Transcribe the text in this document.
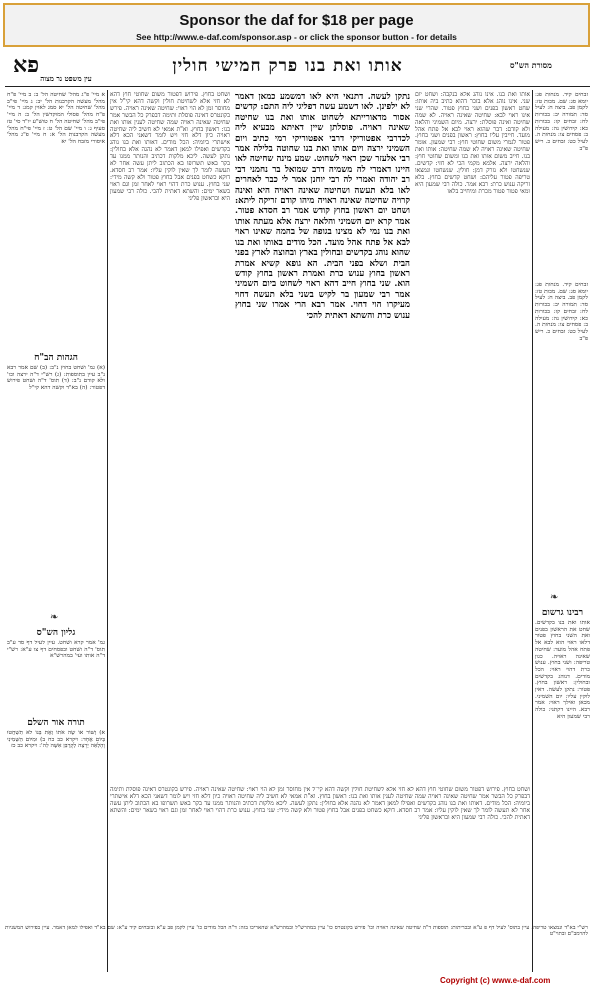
Sponsor the daf for $18 per page
See http://www.e-daf.com/sponsor.asp - or click the sponsor button - for details
מסורת הש"ס
אותו ואת בנו פרק חמישי חולין
פא
עין משפט נר מצוה
זבחים קיד. מנחות פג: יומא סג: שם. מכות טז: לקמן פב. ביצה ח: לעיל סד: תמורה יב: בכורות לח: זבחים קז: בכורות כא: קידושין נה: מעילה ב: פסחים צו: מנחות ה. לעיל כט: זבחים כ. ריש פ"ב
זבחים קיד. מנחות פג: יומא סג: שם. מכות טז: לקמן פב. ביצה ח: לעיל סד: תמורה יב: בכורות לח: זבחים קז: בכורות כא: קידושין נה: מעילה ב: פסחים צו: מנחות ה. לעיל כט: זבחים כ. ריש פ"ב
❧
רבינו גרשום
אותו ואת בנו בקדשים. שחט את הראשון בפנים ואת השני בחוץ פטור דלאו ראוי הוא לבא אל פתח אהל מועד: שחיטה שאינה ראויה. כגון טריפה: ושני בחוץ. ענוש כרת דהוי ראוי: הכל מודים. דנוהג בקדשים ובחולין: ראשון בחוץ. פטור: נתקן לעשה. דאין לוקין עליו: יום השמיני. מכאן ואילך ראוי: אמר רבא. היינו דקתני: כולה רבי שמעון היא
אותו ואת בנו. אינו נוהג אלא בנקבה: ושחט יום שני. אינו נוהג אלא בזכר דהוא כתיב ביה אותו: שחט ראשון בפנים ושני בחוץ פטור. שהרי שני אינו ראוי לבא: שחיטה שאינה ראויה. לא שמה שחיטה ואינה פוסלת: ירצה. מיום השמיני והלאה ולא קודם: דבר שהוא ראוי לבא אל פתח אהל מועד. חייבין עליו בחוץ: ראשון בפנים ושני בחוץ. פטור לגמרי משום שחוטי חוץ: רבי שמעון. אומר שחיטה שאינה ראויה לא שמה שחיטה: אותו ואת בנו. חייב משום אותו ואת בנו ומשום שחוטי חוץ: והלאה ירצה. אלמא מקמי הכי לא חזי: קדשים. שנשחטו ולא נזרק דמן: חולין. שנשחטו ונמצאו טריפה פטור עליהם: ושחט קדשים בחוץ. בלא זריקה ענוש כרת: רבא אמר. כולה רבי שמעון היא ומאי פטור פטור מכרת ומיחייב בלאו
נתקן לעשה. דתנאי היא לאו דמשמע כמאן דאמר לא ילפינן. לאו דשמע עשה דפליגי ליה התם: קדשים אסור מדאורייתא לשחוט אותו ואת בנו שחיטה שאינה ראויה. פוסלתן שיין דאיתא מבעיא ליה לכדרבי אפטוריקי דרבי אפטוריקי רמי כתיב ויום השמיני ירצה ויום אותו ואת בנו שחוטה בלילה אמר רבי אלעזר שכן ראוי לשחוט. שמע מינה שחיטה לאו היינו דאמרי לה משמיה דרב שמואל בר נחמני דבי רב יהודה ואמרי לה רבי יוחנן אמר לי כבר לאחרים לאו בלא תעשה ושחיטה שאינה ראויה היא ואינה קרויה שחיטה שאינה ראויה מיהו קודם זריקה ליתא: ושחט יום ראשון בחוץ קודש אמר רב חסדא פטור. אמר קרא יום השמיני והלאה ירצה אלא מעתה אותו ואת בנו נמי לא מצינו בגופה של בהמה שאינו ראוי לבא אל פתח אהל מועד. הכל מודים באותו ואת בנו שהוא נוהג בקדשים ובחולין בארץ ובחוצה לארץ בפני הבית ושלא בפני הבית. הא גופא קשיא אמרת ראשון בחוץ ענוש כרת ואמרת ראשון בחוץ קודש הוא. שני בחוץ חייב דהא ראוי לשחוט ביום השמיני אמר רבי שמעון בר לקיש בשני בלא תעשה דחוי מעיקרו הוי דחוי. אמר רבא הרי אמרו שני בחוץ ענוש כרת והשתא דאתית להכי
ושחט בחוץ. פירוש דפטור משום שחוטי חוץ דהא לא חזי אלא לשחיטת חולין וקשה דהא קי"ל אין מחוסר זמן לא הוי ראוי: שחיטה שאינה ראויה. פירש בקונטרס דאינה פוסלת ותימה דבפרק כל הבשר אמר שחיטה שאינה ראויה שמה שחיטה לענין אותו ואת בנו: ראשון בחוץ. וא"ת אמאי לא חשיב ליה שחיטה ראויה כיון דלא חזי ויש לומר דשאני הכא דלא אישתרי ביומיה: הכל מודים. דאותו ואת בנו נוהג בקדשים ואפילו למאן דאמר לא נהגה אלא בחולין: נתקן לעשה. ליכא מלקות דכתיב והנותר ממנו עד בקר באש תשרופו בא הכתוב ליתן עשה אחר לא תעשה לומר לך שאין לוקין עליו: אמר רב חסדא. דוקא כשחט בפנים אבל בחוץ פטור ולא קשה מידי: שני בחוץ. ענוש כרת דהוי ראוי לאחר זמן וגם ראוי בשאר ימים: והשתא דאתית להכי. כולה רבי שמעון היא ובראשון פליגי
ושחט בחוץ. פירוש דפטור משום שחוטי חוץ דהא לא חזי אלא לשחיטת חולין וקשה דהא קי"ל אין מחוסר זמן לא הוי ראוי: שחיטה שאינה ראויה. פירש בקונטרס דאינה פוסלת ותימה דבפרק כל הבשר אמר שחיטה שאינה ראויה שמה שחיטה לענין אותו ואת בנו: ראשון בחוץ. וא"ת אמאי לא חשיב ליה שחיטה ראויה כיון דלא חזי ויש לומר דשאני הכא דלא אישתרי ביומיה: הכל מודים. דאותו ואת בנו נוהג בקדשים ואפילו למאן דאמר לא נהגה אלא בחולין: נתקן לעשה. ליכא מלקות דכתיב והנותר ממנו עד בקר באש תשרופו בא הכתוב ליתן עשה אחר לא תעשה לומר לך שאין לוקין עליו: אמר רב חסדא. דוקא כשחט בפנים אבל בחוץ פטור ולא קשה מידי: שני בחוץ. ענוש כרת דהוי ראוי לאחר זמן וגם ראוי בשאר ימים: והשתא דאתית להכי. כולה רבי שמעון היא ובראשון פליגי
א מיי' פ"ג מהל' שחיטה הל' ב: ב מיי' פ"ח מהל' מעשה הקרבנות הל' יב: ג מיי' פי"ב מהל' שחיטה הל' יא סמג לאוין קמג: ד מיי' פ"ח מהל' פסולי המוקדשין הל' ב: ה מיי' פי"ב מהל' שחיטה הל' ח טוש"ע יו"ד סי' טז סעיף ג: ו מיי' שם הל' ט: ז מיי' פי"ח מהל' מעשה הקרבנות הל' א: ח מיי' פ"ג מהל' איסורי מזבח הל' יא
הגהות הב"ח
(א) גמ' ושחט בחוץ נ"ב: (ב) שם אמר רבא נ"ב עיין בתוספות: (ג) רש"י ד"ה ירצה וכו' ולא קודם נ"ב: (ד) תוס' ד"ה ושחט פירוש דפטור: (ה) בא"ד וקשה דהא קי"ל
❧
גליון הש"ס
גמ' אמר קרא ושחט. עיין לעיל דף סד ע"ב תוס' ד"ה ושחט ובפסחים דף צו ע"א: רש"י ד"ה אותו ועי' במהרש"א
תורה אור השלם
א) וְשׁוֹר אוֹ שֶׂה אֹתוֹ וְאֶת בְּנוֹ לֹא תִשְׁחֲטוּ בְּיוֹם אֶחָד: ויקרא כב כח ב) וּמִיּוֹם הַשְּׁמִינִי וָהָלְאָה יֵרָצֶה לְקָרְבַּן אִשֶּׁה לַה': ויקרא כב כז
רש"י בא"ד ונמצאו טריפה. עיין בתוס' לעיל דף פ ע"א ובכריתות: תוספות ד"ה שחיטה שאינה ראויה וכו' פירש בקונטרס כו' עיין במהרש"ל ובמהרש"א שהאריכו בזה: ד"ה הכל מודים כו' עיין לקמן פב ע"א ובזבחים קיד ע"א: שם בא"ד ואפילו למאן דאמר. עיין בפירוש המשניות להרמב"ם ובתוי"ט
Copyright (c) www.e-daf.com
